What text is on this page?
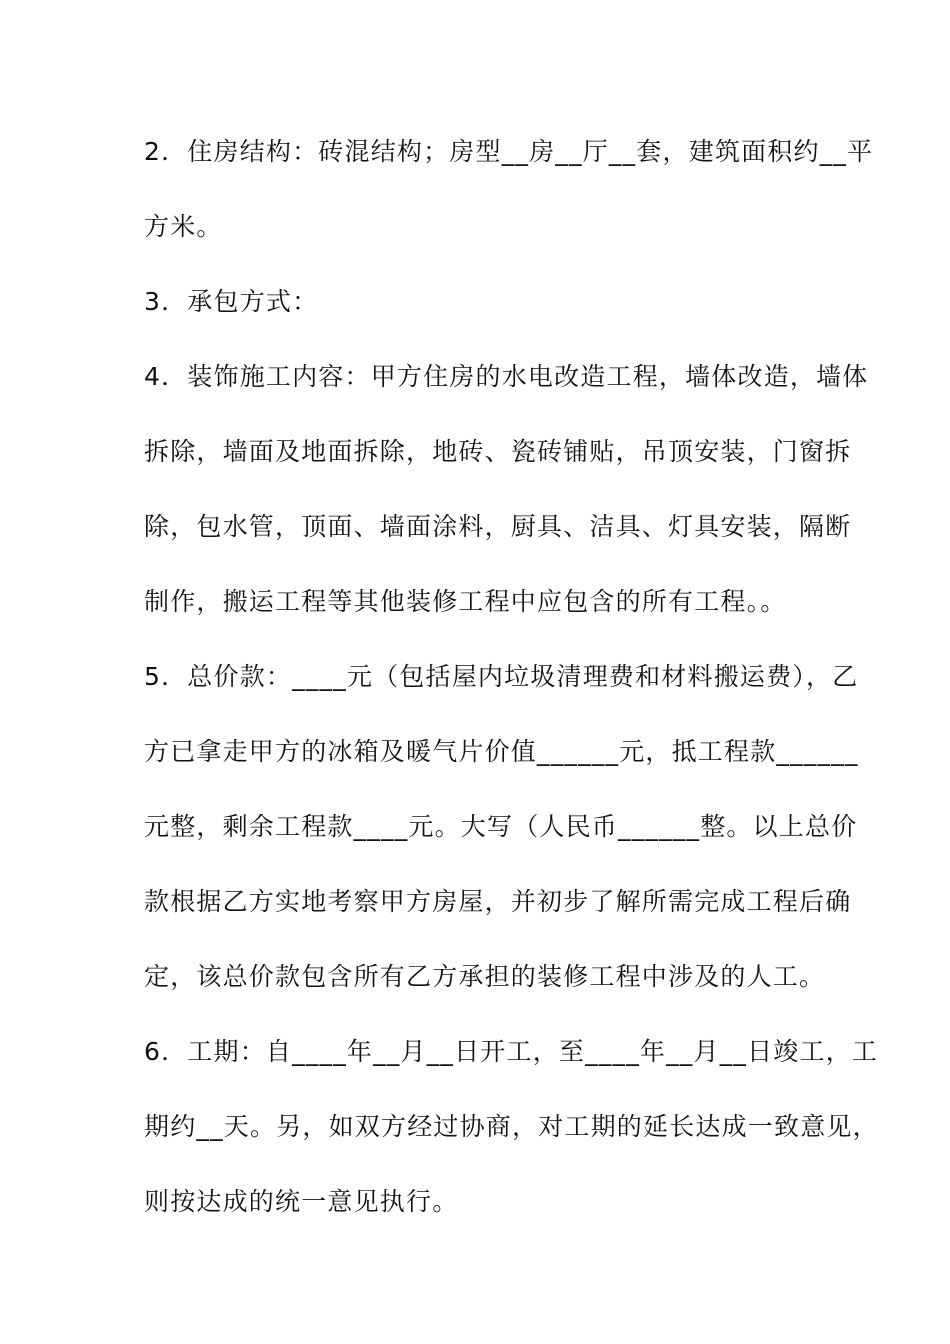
2．住房结构：砖混结构；房型__房__厅__套，建筑面积约__平
方米。
3．承包方式：
4．装饰施工内容：甲方住房的水电改造工程，墙体改造，墙体
拆除，墙面及地面拆除，地砖、瓷砖铺贴，吊顶安装，门窗拆
除，包水管，顶面、墙面涂料，厨具、洁具、灯具安装，隔断
制作，搬运工程等其他装修工程中应包含的所有工程。。
5．总价款：____元（包括屋内垃圾清理费和材料搬运费），乙
方已拿走甲方的冰箱及暖气片价值______元，抵工程款______
元整，剩余工程款____元。大写（人民币______整。以上总价
款根据乙方实地考察甲方房屋，并初步了解所需完成工程后确
定，该总价款包含所有乙方承担的装修工程中涉及的人工。
6．工期：自____年__月__日开工，至____年__月__日竣工，工
期约__天。另，如双方经过协商，对工期的延长达成一致意见，
则按达成的统一意见执行。
